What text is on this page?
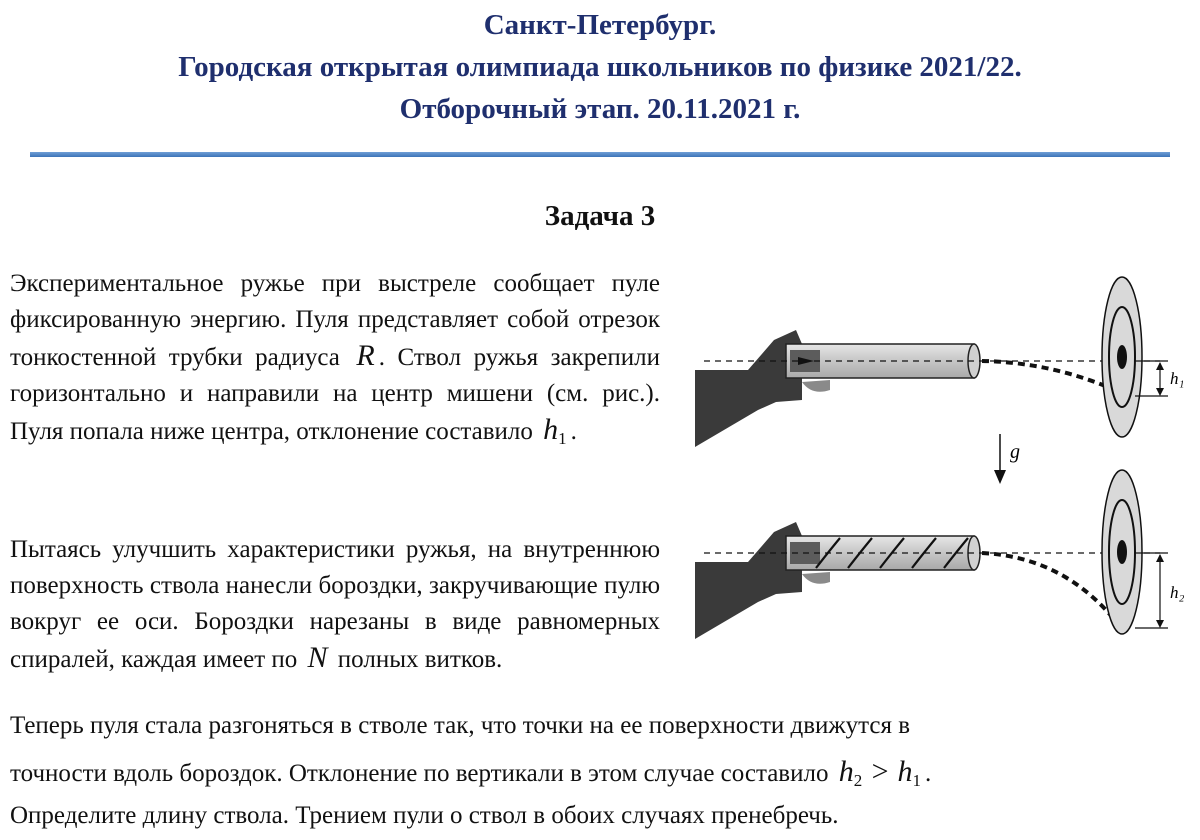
Санкт-Петербург.
Городская открытая олимпиада школьников по физике 2021/22.
Отборочный этап. 20.11.2021 г.
Задача 3
Экспериментальное ружье при выстреле сообщает пуле фиксированную энергию. Пуля представляет собой отрезок тонкостенной трубки радиуса R . Ствол ружья закрепили горизонтально и направили на центр мишени (см. рис.). Пуля попала ниже центра, отклонение составило $h_1$ .
Пытаясь улучшить характеристики ружья, на внутреннюю поверхность ствола нанесли бороздки, закручивающие пулю вокруг ее оси. Бороздки нарезаны в виде равномерных спиралей, каждая имеет по N полных витков.
Теперь пуля стала разгоняться в стволе так, что точки на ее поверхности движутся в
точности вдоль бороздок. Отклонение по вертикали в этом случае составило $h_2 > h_1$ .
Определите длину ствола. Трением пули о ствол в обоих случаях пренебречь.
h₁
g
h₂
